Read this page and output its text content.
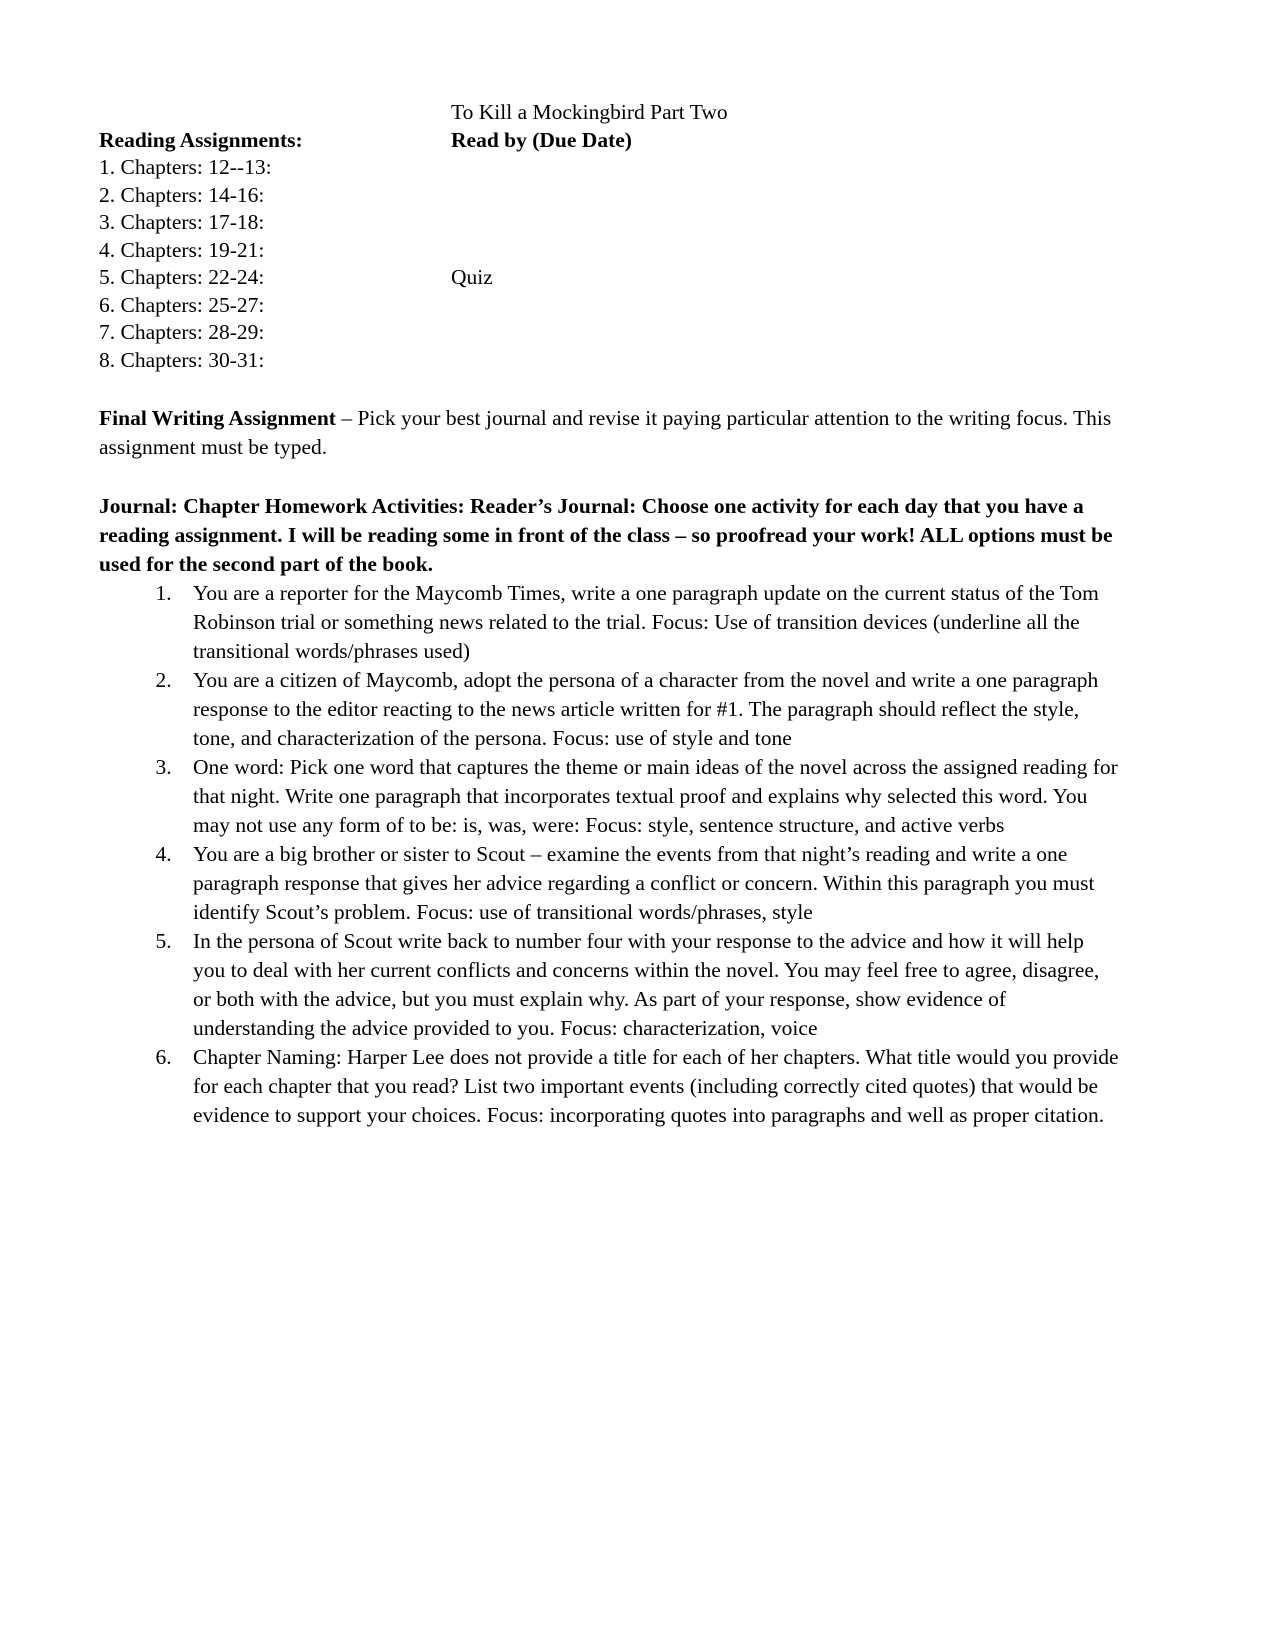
To Kill a Mockingbird Part Two
Reading Assignments:	Read by (Due Date)
1. Chapters: 12--13:
2. Chapters: 14-16:
3. Chapters: 17-18:
4. Chapters: 19-21:
5. Chapters: 22-24:	Quiz
6. Chapters: 25-27:
7. Chapters: 28-29:
8. Chapters: 30-31:
Final Writing Assignment – Pick your best journal and revise it paying particular attention to the writing focus. This assignment must be typed.
Journal: Chapter Homework Activities: Reader’s Journal: Choose one activity for each day that you have a reading assignment. I will be reading some in front of the class – so proofread your work! ALL options must be used for the second part of the book.
1. You are a reporter for the Maycomb Times, write a one paragraph update on the current status of the Tom Robinson trial or something news related to the trial. Focus: Use of transition devices (underline all the transitional words/phrases used)
2. You are a citizen of Maycomb, adopt the persona of a character from the novel and write a one paragraph response to the editor reacting to the news article written for #1. The paragraph should reflect the style, tone, and characterization of the persona. Focus: use of style and tone
3. One word: Pick one word that captures the theme or main ideas of the novel across the assigned reading for that night. Write one paragraph that incorporates textual proof and explains why selected this word. You may not use any form of to be: is, was, were: Focus: style, sentence structure, and active verbs
4. You are a big brother or sister to Scout – examine the events from that night’s reading and write a one paragraph response that gives her advice regarding a conflict or concern. Within this paragraph you must identify Scout’s problem. Focus: use of transitional words/phrases, style
5. In the persona of Scout write back to number four with your response to the advice and how it will help you to deal with her current conflicts and concerns within the novel. You may feel free to agree, disagree, or both with the advice, but you must explain why. As part of your response, show evidence of understanding the advice provided to you. Focus: characterization, voice
6. Chapter Naming: Harper Lee does not provide a title for each of her chapters. What title would you provide for each chapter that you read? List two important events (including correctly cited quotes) that would be evidence to support your choices. Focus: incorporating quotes into paragraphs and well as proper citation.
